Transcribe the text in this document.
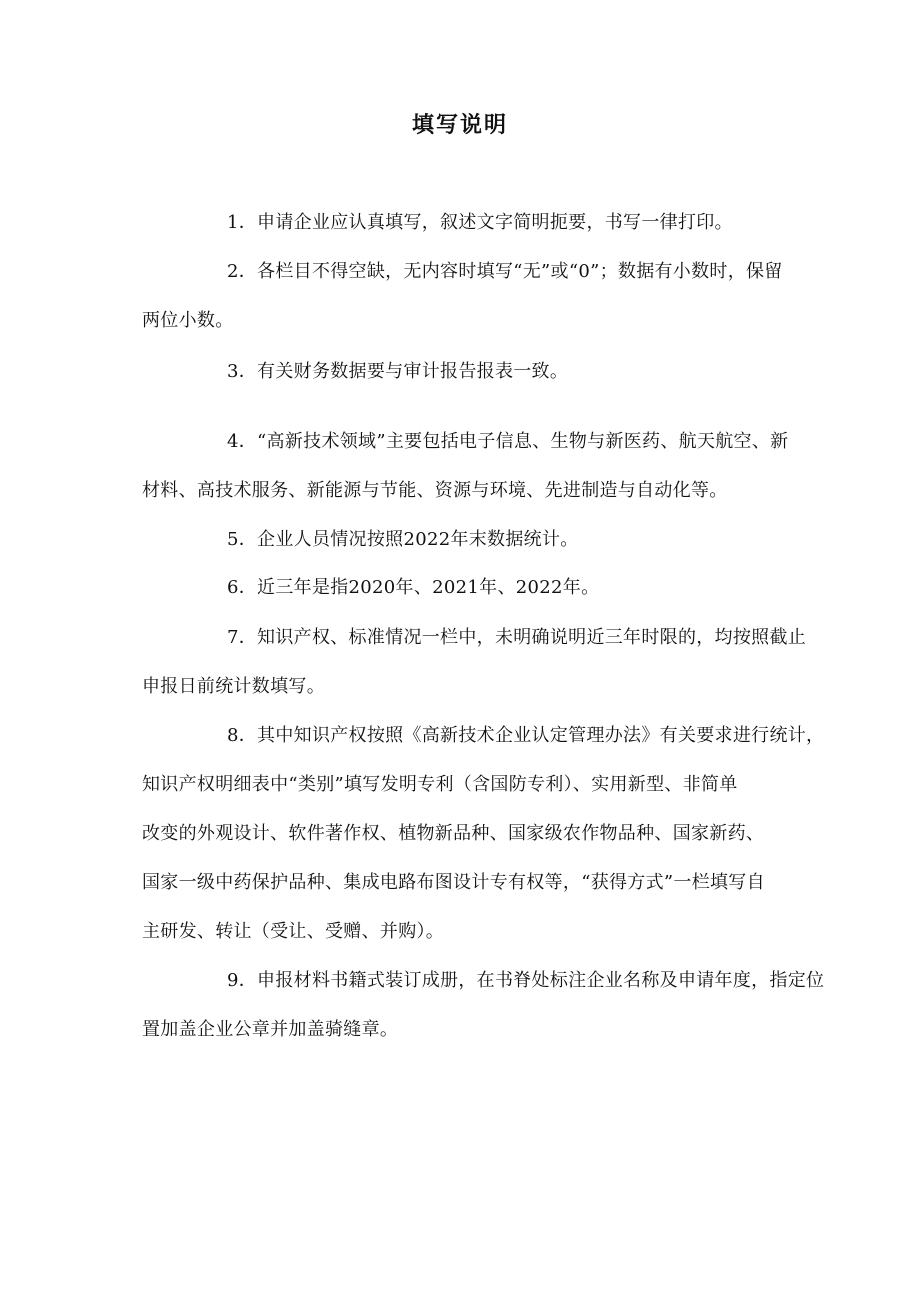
填写说明
1．申请企业应认真填写，叙述文字简明扼要，书写一律打印。
2．各栏目不得空缺，无内容时填写“无”或“0”；数据有小数时，保留
两位小数。
3．有关财务数据要与审计报告报表一致。
4．“高新技术领域”主要包括电子信息、生物与新医药、航天航空、新
材料、高技术服务、新能源与节能、资源与环境、先进制造与自动化等。
5．企业人员情况按照2022年末数据统计。
6．近三年是指2020年、2021年、2022年。
7．知识产权、标准情况一栏中，未明确说明近三年时限的，均按照截止
申报日前统计数填写。
8．其中知识产权按照《高新技术企业认定管理办法》有关要求进行统计，
知识产权明细表中“类别”填写发明专利（含国防专利）、实用新型、非简单
改变的外观设计、软件著作权、植物新品种、国家级农作物品种、国家新药、
国家一级中药保护品种、集成电路布图设计专有权等，“获得方式”一栏填写自
主研发、转让（受让、受赠、并购）。
9．申报材料书籍式装订成册，在书脊处标注企业名称及申请年度，指定位
置加盖企业公章并加盖骑缝章。
